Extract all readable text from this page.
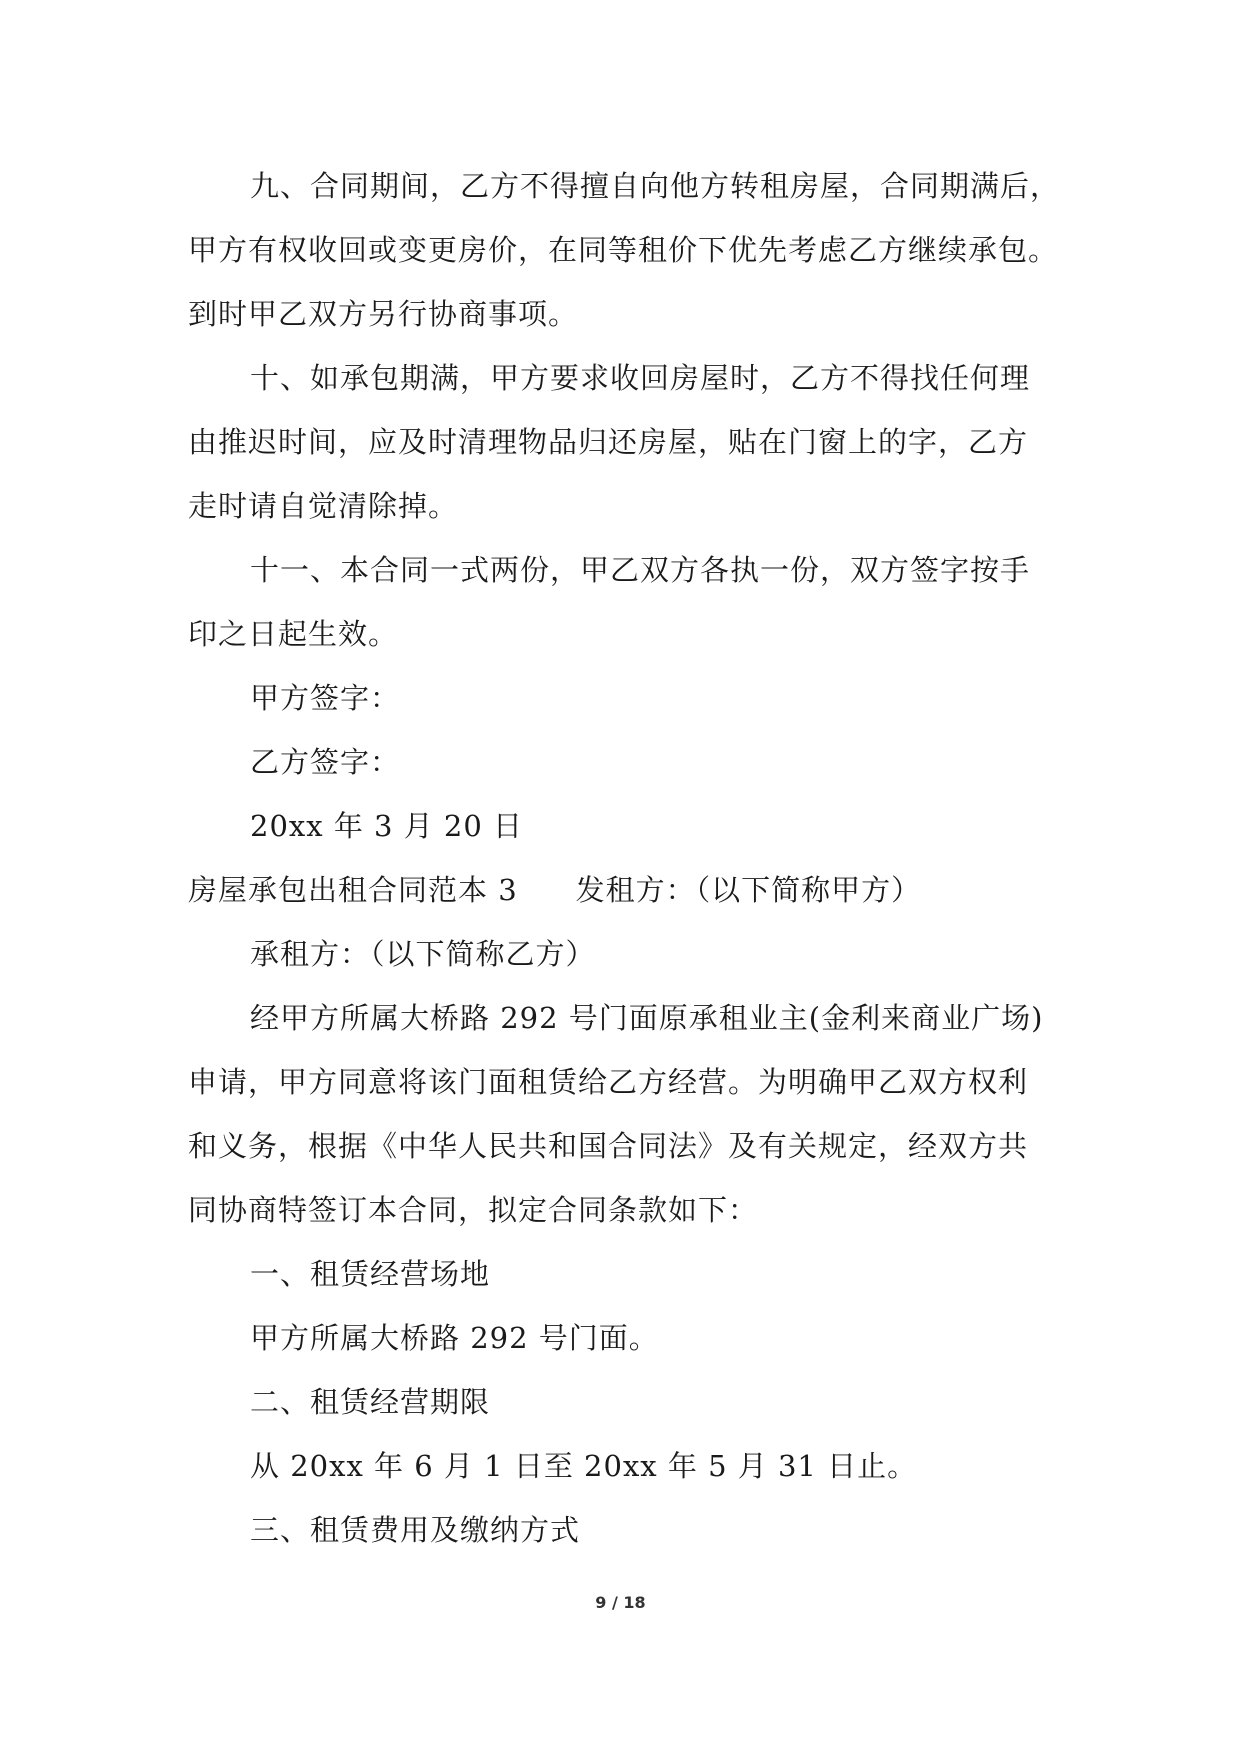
九、合同期间，乙方不得擅自向他方转租房屋，合同期满后，
甲方有权收回或变更房价，在同等租价下优先考虑乙方继续承包。
到时甲乙双方另行协商事项。
十、如承包期满，甲方要求收回房屋时，乙方不得找任何理
由推迟时间，应及时清理物品归还房屋，贴在门窗上的字，乙方
走时请自觉清除掉。
十一、本合同一式两份，甲乙双方各执一份，双方签字按手
印之日起生效。
甲方签字：
乙方签字：
20xx 年 3 月 20 日
房屋承包出租合同范本 3 发租方：（以下简称甲方）
承租方：（以下简称乙方）
经甲方所属大桥路 292 号门面原承租业主(金利来商业广场)
申请，甲方同意将该门面租赁给乙方经营。为明确甲乙双方权利
和义务，根据《中华人民共和国合同法》及有关规定，经双方共
同协商特签订本合同，拟定合同条款如下：
一、租赁经营场地
甲方所属大桥路 292 号门面。
二、租赁经营期限
从 20xx 年 6 月 1 日至 20xx 年 5 月 31 日止。
三、租赁费用及缴纳方式
9 / 18
